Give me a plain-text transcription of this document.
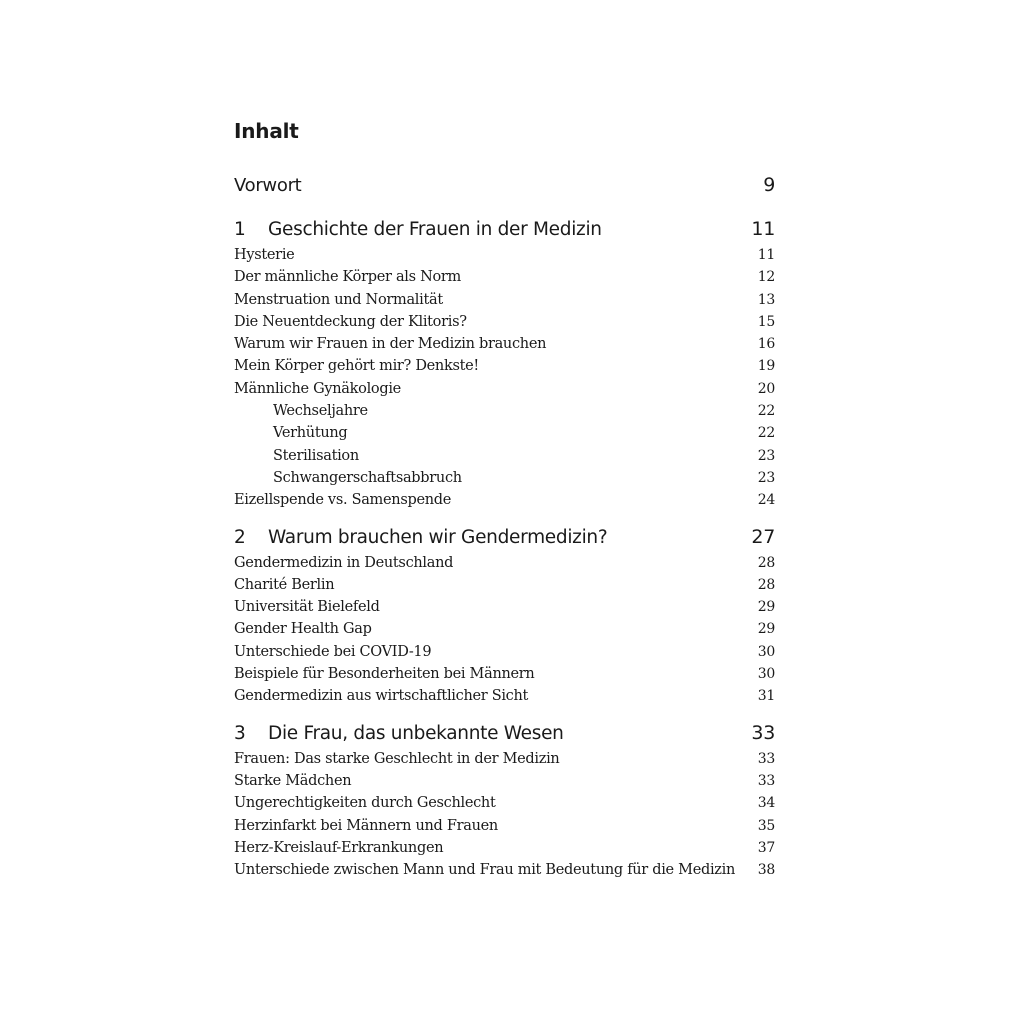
Inhalt
Vorwort	9
1 Geschichte der Frauen in der Medizin	11
Hysterie	11
Der männliche Körper als Norm	12
Menstruation und Normalität	13
Die Neuentdeckung der Klitoris?	15
Warum wir Frauen in der Medizin brauchen	16
Mein Körper gehört mir? Denkste!	19
Männliche Gynäkologie	20
Wechseljahre	22
Verhütung	22
Sterilisation	23
Schwangerschaftsabbruch	23
Eizellspende vs. Samenspende	24
2 Warum brauchen wir Gendermedizin?	27
Gendermedizin in Deutschland	28
Charité Berlin	28
Universität Bielefeld	29
Gender Health Gap	29
Unterschiede bei COVID-19	30
Beispiele für Besonderheiten bei Männern	30
Gendermedizin aus wirtschaftlicher Sicht	31
3 Die Frau, das unbekannte Wesen	33
Frauen: Das starke Geschlecht in der Medizin	33
Starke Mädchen	33
Ungerechtigkeiten durch Geschlecht	34
Herzinfarkt bei Männern und Frauen	35
Herz-Kreislauf-Erkrankungen	37
Unterschiede zwischen Mann und Frau mit Bedeutung für die Medizin 38
